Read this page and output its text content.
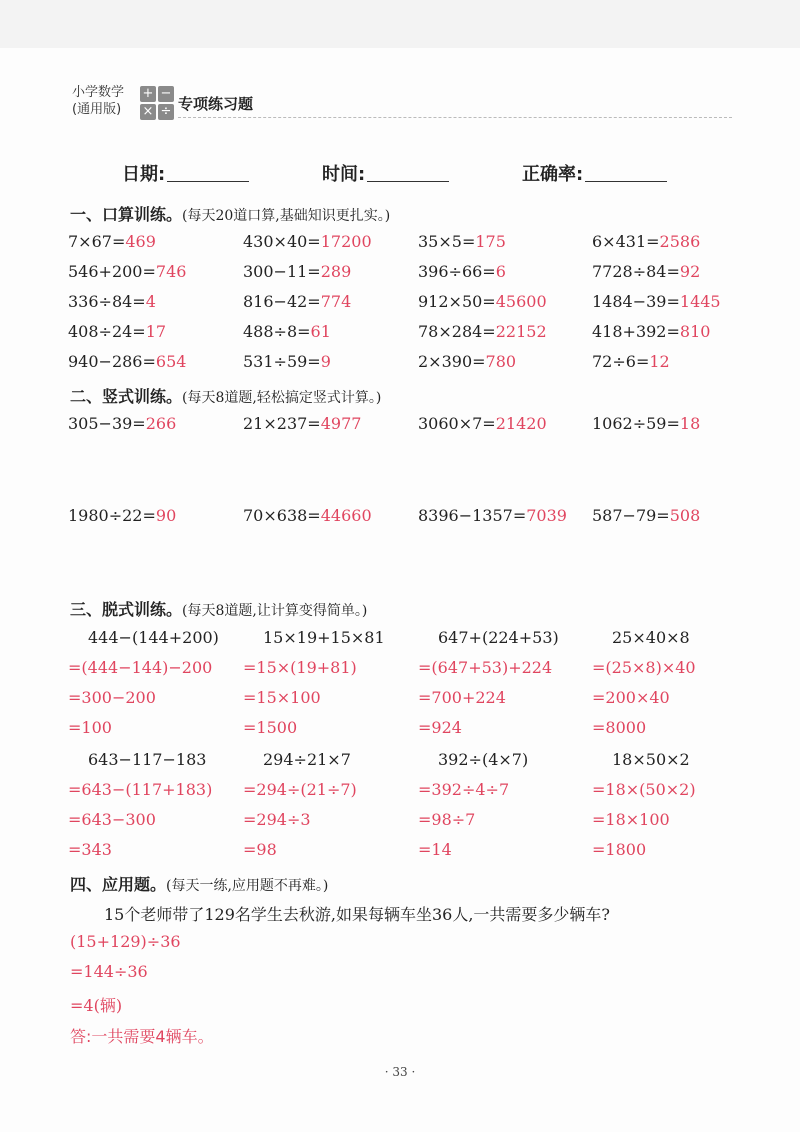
小学数学
(通用版)
+ −
× ÷ 专项练习题
日期:	时间:	正确率:
一、口算训练。(每天20道口算,基础知识更扎实。)
二、竖式训练。(每天8道题,轻松搞定竖式计算。)
三、脱式训练。(每天8道题,让计算变得简单。)
四、应用题。(每天一练,应用题不再难。)
7×67=469	430×40=17200	35×5=175	6×431=2586
546+200=746	300−11=289	396÷66=6	7728÷84=92
336÷84=4	816−42=774	912×50=45600	1484−39=1445
408÷24=17	488÷8=61	78×284=22152	418+392=810
940−286=654	531÷59=9	2×390=780	72÷6=12
305−39=266	21×237=4977	3060×7=21420	1062÷59=18
1980÷22=90	70×638=44660	8396−1357=7039 587−79=508
444−(144+200)
=(444−144)−200
=300−200
=100
15×19+15×81
=15×(19+81)
=15×100
=1500
647+(224+53)
=(647+53)+224
=700+224
=924
25×40×8
=(25×8)×40
=200×40
=8000
643−117−183
=643−(117+183)
=643−300
=343
294÷21×7
=294÷(21÷7)
=294÷3
=98
392÷(4×7)
=392÷4÷7
=98÷7
=14
18×50×2
=18×(50×2)
=18×100
=1800
15个老师带了129名学生去秋游,如果每辆车坐36人,一共需要多少辆车?
(15+129)÷36
=144÷36
=4(辆)
答:一共需要4辆车。
· 33 ·
